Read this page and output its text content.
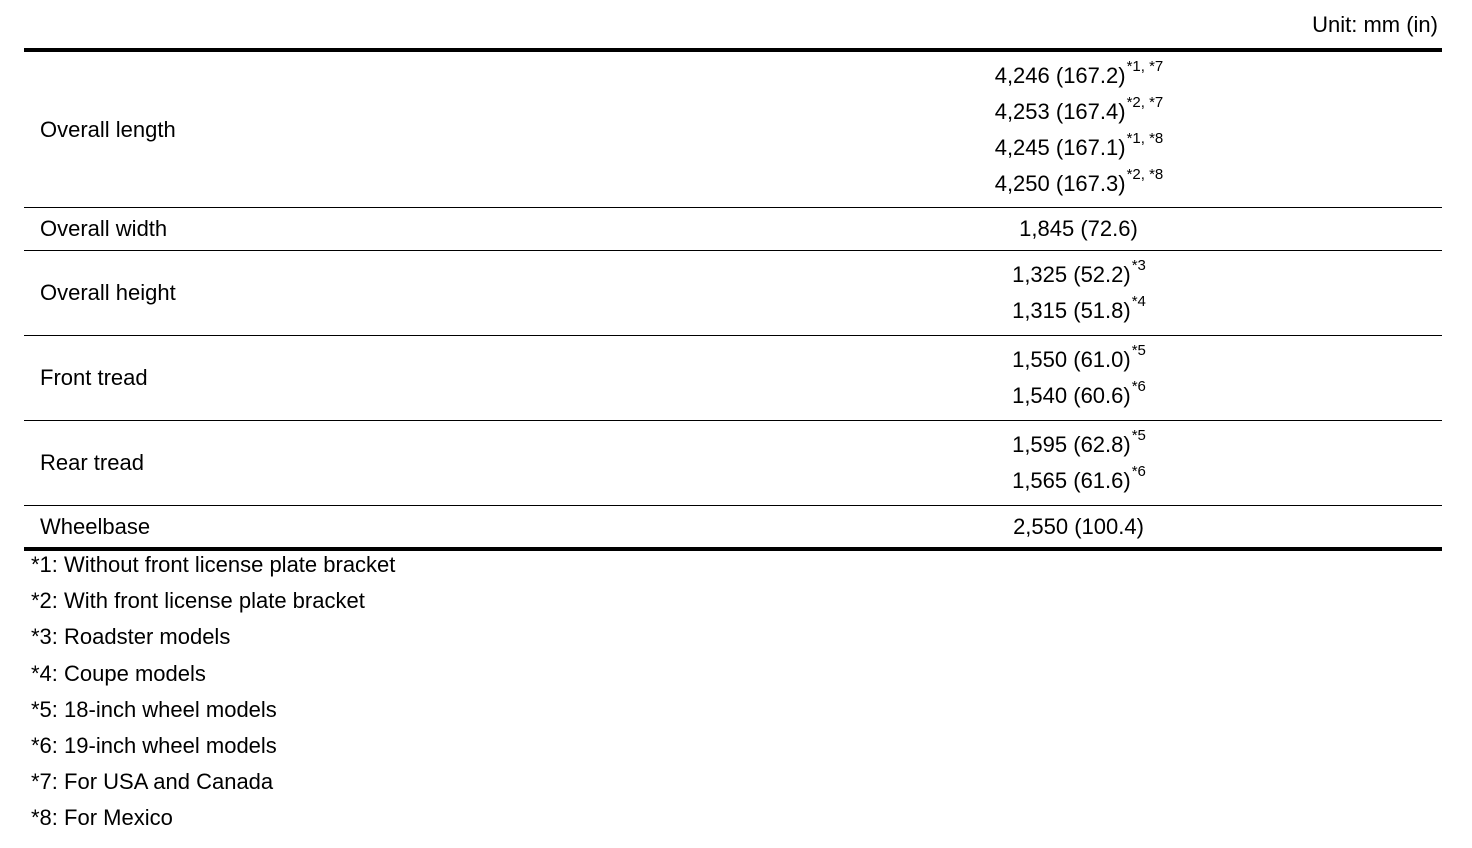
Unit: mm (in)
Overall length
4,246 $(167.2)^{*1, *7}$
4,253 $(167.4)^{*2, *7}$
4,245 $(167.1)^{*1, *8}$
4,250 $(167.3)^{*2, *8}$
Overall width	1,845 (72.6)
Overall height
1,325 $(52.2)^{*3}$
1,315 $(51.8)^{*4}$
Front tread
1,550 $(61.0)^{*5}$
1,540 $(60.6)^{*6}$
Rear tread
1,595 $(62.8)^{*5}$
1,565 $(61.6)^{*6}$
Wheelbase	2,550 (100.4)
*1: Without front license plate bracket
*2: With front license plate bracket
*3: Roadster models
*4: Coupe models
*5: 18-inch wheel models
*6: 19-inch wheel models
*7: For USA and Canada
*8: For Mexico
